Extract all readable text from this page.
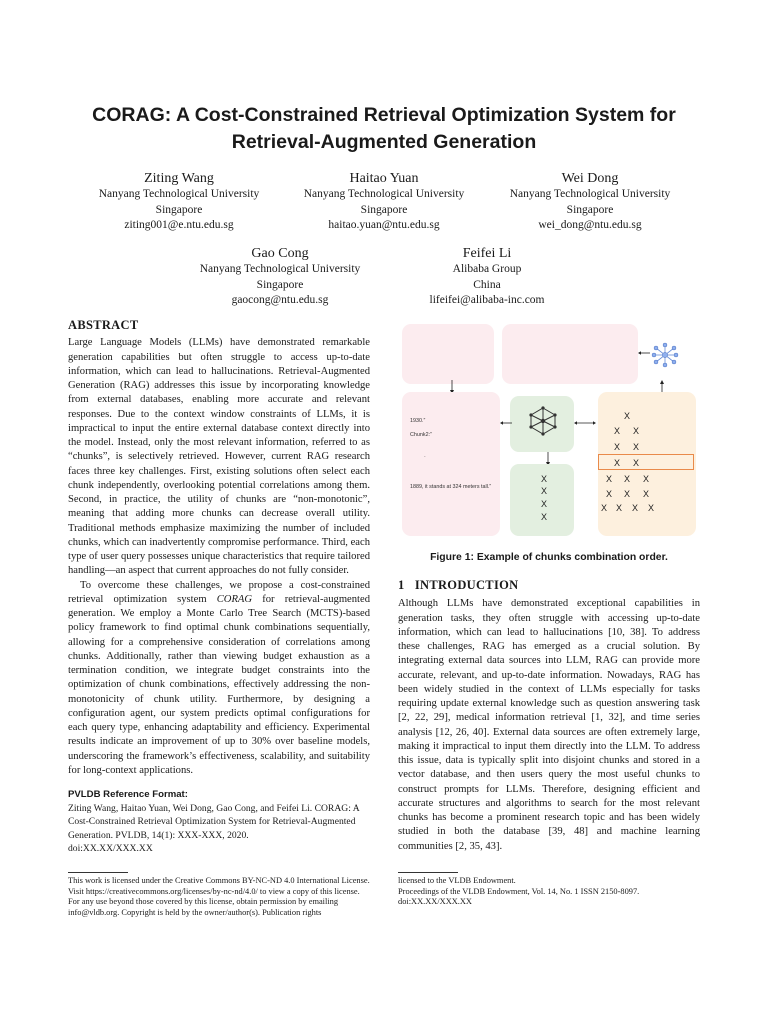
CORAG: A Cost-Constrained Retrieval Optimization System for
Retrieval-Augmented Generation
Ziting Wang
Nanyang Technological University
Singapore
ziting001@e.ntu.edu.sg
Haitao Yuan
Nanyang Technological University
Singapore
haitao.yuan@ntu.edu.sg
Wei Dong
Nanyang Technological University
Singapore
wei_dong@ntu.edu.sg
Gao Cong
Nanyang Technological University
Singapore
gaocong@ntu.edu.sg
Feifei Li
Alibaba Group
China
lifeifei@alibaba-inc.com
ABSTRACT

Large Language Models (LLMs) have demonstrated remarkable generation capabilities but often struggle to access up-to-date information, which can lead to hallucinations. Retrieval-Augmented Generation (RAG) addresses this issue by incorporating knowledge from external databases, enabling more accurate and relevant responses. Due to the context window constraints of LLMs, it is impractical to input the entire external database context directly into the model. Instead, only the most relevant information, referred to as “chunks”, is selectively retrieved. However, current RAG research faces three key challenges. First, existing solutions often select each chunk independently, overlooking potential correlations among them. Second, in practice, the utility of chunks are “non-monotonic”, meaning that adding more chunks can decrease overall utility. Traditional methods emphasize maximizing the number of included chunks, which can inadvertently compromise performance. Third, each type of user query possesses unique characteristics that require tailored handling—an aspect that current approaches do not fully consider.

To overcome these challenges, we propose a cost-constrained retrieval optimization system CORAG for retrieval-augmented generation. We employ a Monte Carlo Tree Search (MCTS)-based policy framework to find optimal chunk combinations sequentially, allowing for a comprehensive consideration of correlations among chunks. Additionally, rather than viewing budget exhaustion as a termination condition, we integrate budget constraints into the optimization of chunk combinations, effectively addressing the non-monotonicity of chunk utility. Furthermore, by designing a configuration agent, our system predicts optimal configurations for each query type, enhancing adaptability and efficiency. Experimental results indicate an improvement of up to 30% over baseline models, underscoring the framework’s effectiveness, scalability, and suitability for long-context applications.

PVLDB Reference Format:

Ziting Wang, Haitao Yuan, Wei Dong, Gao Cong, and Feifei Li. CORAG: A Cost-Constrained Retrieval Optimization System for Retrieval-Augmented Generation. PVLDB, 14(1): XXX-XXX, 2020.

doi:XX.XX/XXX.XX

This work is licensed under the Creative Commons BY-NC-ND 4.0 International License. Visit https://creativecommons.org/licenses/by-nc-nd/4.0/ to view a copy of this license. For any use beyond those covered by this license, obtain permission by emailing info@vldb.org. Copyright is held by the owner/author(s). Publication rights
1930.”
Chunk2:”
·
1889, it stands at 324 meters tall.”
X
X
X
X
X
X X
X X
X X
X X X
X X X
X X X X
Figure 1: Example of chunks combination order.
1 INTRODUCTION

Although LLMs have demonstrated exceptional capabilities in generation tasks, they often struggle with accessing up-to-date information, which can lead to hallucinations [10, 38]. To address these challenges, RAG has emerged as a crucial solution. By integrating external data sources into LLM, RAG can provide more accurate, relevant, and up-to-date information. Nowadays, RAG has been widely studied in the context of LLMs especially for tasks requiring update external knowledge such as question answering task [2, 22, 29], medical information retrieval [1, 32], and time series analysis [12, 26, 40]. External data sources are often extremely large, making it impractical to input them directly into the LLM. To address this issue, data is typically split into disjoint chunks and stored in a vector database, and then users query the most useful chunks to construct prompts for LLMs. Therefore, designing efficient and accurate structures and algorithms to search for the most relevant chunks has become a prominent research topic and has been widely studied in both the database [39, 48] and machine learning communities [2, 35, 43].

licensed to the VLDB Endowment.
Proceedings of the VLDB Endowment, Vol. 14, No. 1 ISSN 2150-8097.
doi:XX.XX/XXX.XX
